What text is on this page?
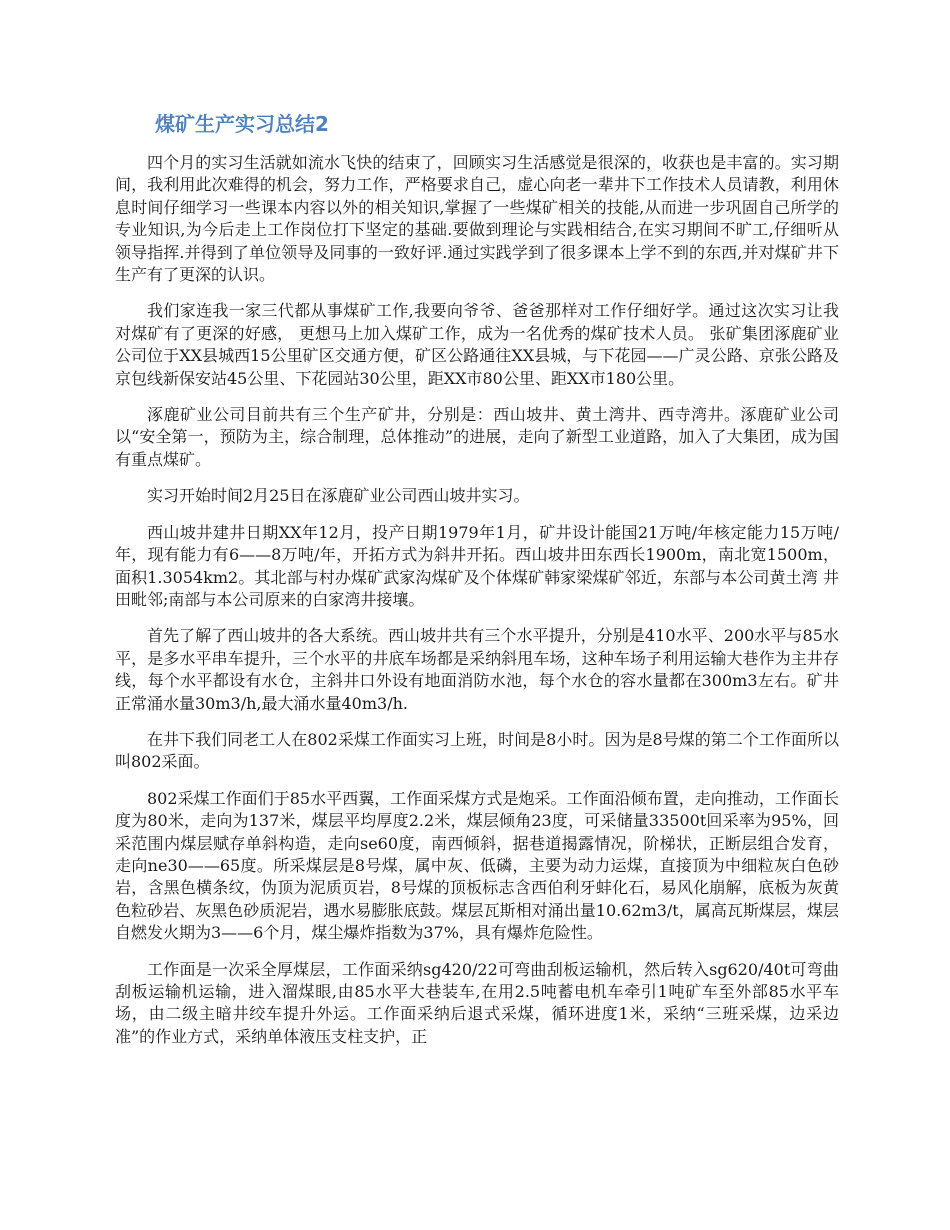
煤矿生产实习总结2

四个月的实习生活就如流水飞快的结束了，回顾实习生活感觉是很深的，收获也是丰富的。实习期间，我利用此次难得的机会，努力工作，严格要求自己，虚心向老一辈井下工作技术人员请教，利用休息时间仔细学习一些课本内容以外的相关知识,掌握了一些煤矿相关的技能,从而进一步巩固自己所学的专业知识,为今后走上工作岗位打下坚定的基础.要做到理论与实践相结合,在实习期间不旷工,仔细听从领导指挥.并得到了单位领导及同事的一致好评.通过实践学到了很多课本上学不到的东西,并对煤矿井下生产有了更深的认识。

我们家连我一家三代都从事煤矿工作,我要向爷爷、爸爸那样对工作仔细好学。通过这次实习让我对煤矿有了更深的好感， 更想马上加入煤矿工作，成为一名优秀的煤矿技术人员。 张矿集团涿鹿矿业公司位于XX县城西15公里矿区交通方便，矿区公路通往XX县城，与下花园——广灵公路、京张公路及京包线新保安站45公里、下花园站30公里，距XX市80公里、距XX市180公里。

涿鹿矿业公司目前共有三个生产矿井，分别是：西山坡井、黄土湾井、西寺湾井。涿鹿矿业公司以“安全第一，预防为主，综合制理，总体推动”的进展，走向了新型工业道路，加入了大集团，成为国有重点煤矿。

实习开始时间2月25日在涿鹿矿业公司西山坡井实习。

西山坡井建井日期XX年12月，投产日期1979年1月，矿井设计能国21万吨/年核定能力15万吨/年，现有能力有6——8万吨/年，开拓方式为斜井开拓。西山坡井田东西长1900m，南北宽1500m，面积1.3054km2。其北部与村办煤矿武家沟煤矿及个体煤矿韩家梁煤矿邻近，东部与本公司黄土湾 井田毗邻;南部与本公司原来的白家湾井接壤。

首先了解了西山坡井的各大系统。西山坡井共有三个水平提升，分别是410水平、200水平与85水平，是多水平串车提升，三个水平的井底车场都是采纳斜甩车场，这种车场子利用运输大巷作为主井存线，每个水平都设有水仓，主斜井口外设有地面消防水池，每个水仓的容水量都在300m3左右。矿井正常涌水量30m3/h,最大涌水量40m3/h.

在井下我们同老工人在802采煤工作面实习上班，时间是8小时。因为是8号煤的第二个工作面所以叫802采面。

802采煤工作面们于85水平西翼，工作面采煤方式是炮采。工作面沿倾布置，走向推动，工作面长度为80米，走向为137米，煤层平均厚度2.2米，煤层倾角23度，可采储量33500t回采率为95%，回采范围内煤层赋存单斜构造，走向se60度，南西倾斜，据巷道揭露情况，阶梯状，正断层组合发育，走向ne30——65度。所采煤层是8号煤，属中灰、低磷，主要为动力运煤，直接顶为中细粒灰白色砂岩，含黑色横条纹，伪顶为泥质页岩，8号煤的顶板标志含西伯利牙蚌化石，易风化崩解，底板为灰黄色粒砂岩、灰黑色砂质泥岩，遇水易膨胀底鼓。煤层瓦斯相对涌出量10.62m3/t，属高瓦斯煤层，煤层自燃发火期为3——6个月，煤尘爆炸指数为37%，具有爆炸危险性。

工作面是一次采全厚煤层，工作面采纳sg420/22可弯曲刮板运输机，然后转入sg620/40t可弯曲刮板运输机运输，进入溜煤眼,由85水平大巷装车,在用2.5吨蓄电机车牵引1吨矿车至外部85水平车场，由二级主暗井绞车提升外运。工作面采纳后退式采煤，循环进度1米，采纳“三班采煤，边采边准”的作业方式，采纳单体液压支柱支护，正
